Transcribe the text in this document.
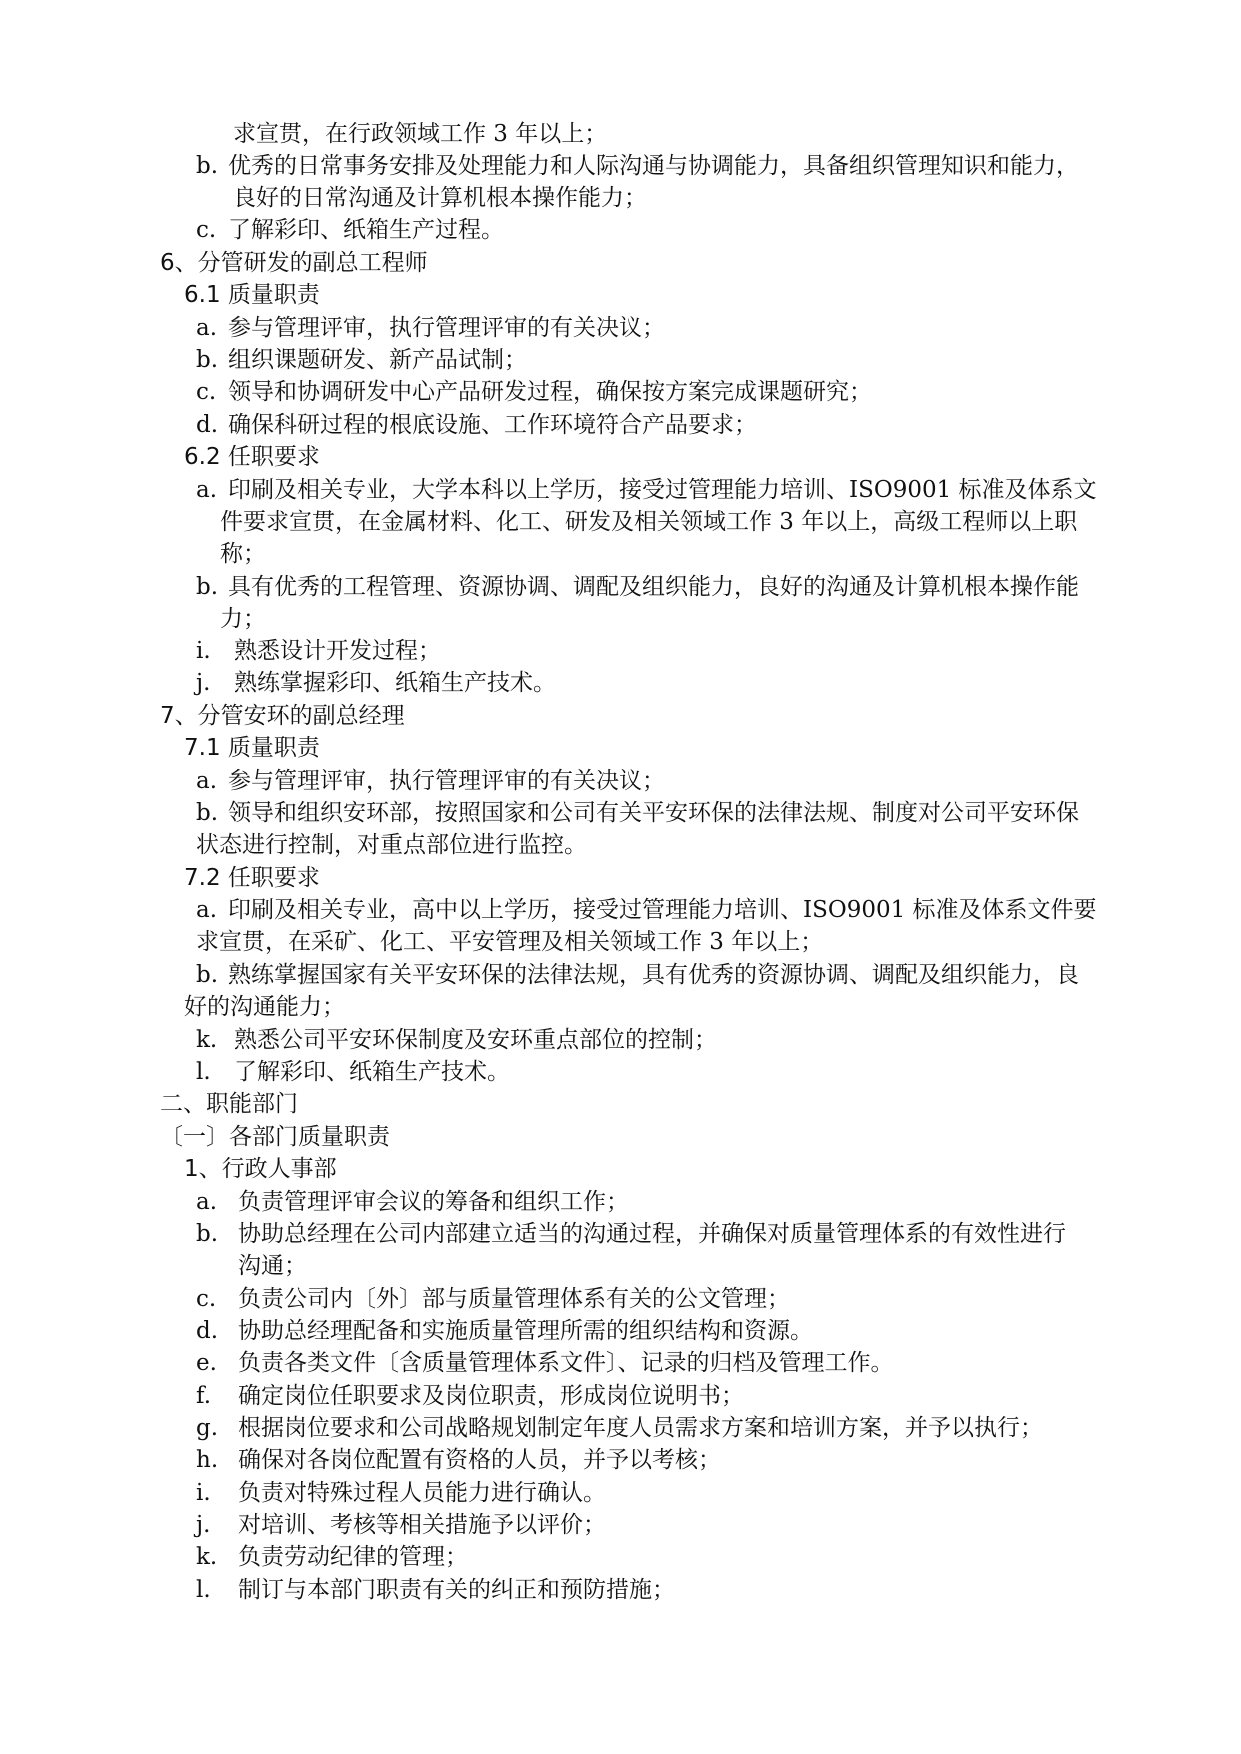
求宣贯，在行政领域工作 3 年以上；
b. 优秀的日常事务安排及处理能力和人际沟通与协调能力，具备组织管理知识和能力，
良好的日常沟通及计算机根本操作能力；
c. 了解彩印、纸箱生产过程。
6、分管研发的副总工程师
6.1 质量职责
a. 参与管理评审，执行管理评审的有关决议；
b. 组织课题研发、新产品试制；
c. 领导和协调研发中心产品研发过程，确保按方案完成课题研究；
d. 确保科研过程的根底设施、工作环境符合产品要求；
6.2 任职要求
a. 印刷及相关专业，大学本科以上学历，接受过管理能力培训、ISO9001 标准及体系文
件要求宣贯，在金属材料、化工、研发及相关领域工作 3 年以上，高级工程师以上职
称；
b. 具有优秀的工程管理、资源协调、调配及组织能力，良好的沟通及计算机根本操作能
力；
i. 熟悉设计开发过程；
j. 熟练掌握彩印、纸箱生产技术。
7、分管安环的副总经理
7.1 质量职责
a. 参与管理评审，执行管理评审的有关决议；
b. 领导和组织安环部，按照国家和公司有关平安环保的法律法规、制度对公司平安环保
状态进行控制，对重点部位进行监控。
7.2 任职要求
a. 印刷及相关专业，高中以上学历，接受过管理能力培训、ISO9001 标准及体系文件要
求宣贯，在采矿、化工、平安管理及相关领域工作 3 年以上；
b. 熟练掌握国家有关平安环保的法律法规，具有优秀的资源协调、调配及组织能力，良
好的沟通能力；
k. 熟悉公司平安环保制度及安环重点部位的控制；
l. 了解彩印、纸箱生产技术。
二、职能部门
〔一〕各部门质量职责
1、行政人事部
a. 负责管理评审会议的筹备和组织工作；
b. 协助总经理在公司内部建立适当的沟通过程，并确保对质量管理体系的有效性进行
沟通；
c. 负责公司内〔外〕部与质量管理体系有关的公文管理；
d. 协助总经理配备和实施质量管理所需的组织结构和资源。
e. 负责各类文件〔含质量管理体系文件〕、记录的归档及管理工作。
f. 确定岗位任职要求及岗位职责，形成岗位说明书；
g. 根据岗位要求和公司战略规划制定年度人员需求方案和培训方案，并予以执行；
h. 确保对各岗位配置有资格的人员，并予以考核；
i. 负责对特殊过程人员能力进行确认。
j. 对培训、考核等相关措施予以评价；
k. 负责劳动纪律的管理；
l. 制订与本部门职责有关的纠正和预防措施；
